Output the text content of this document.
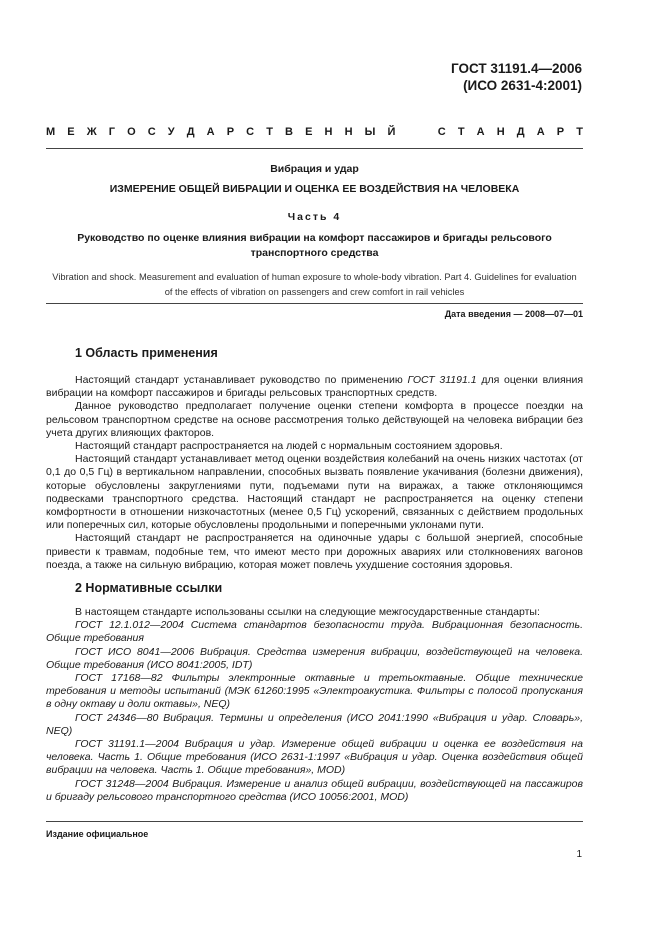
ГОСТ 31191.4—2006
(ИСО 2631-4:2001)
М Е Ж Г О С У Д А Р С Т В Е Н Н Ы Й

	С Т А Н Д А Р Т
Вибрация и удар
ИЗМЕРЕНИЕ ОБЩЕЙ ВИБРАЦИИ И ОЦЕНКА ЕЕ ВОЗДЕЙСТВИЯ НА ЧЕЛОВЕКА
Часть 4
Руководство по оценке влияния вибрации на комфорт пассажиров и бригады рельсового транспортного средства
Vibration and shock. Measurement and evaluation of human exposure to whole-body vibration. Part 4. Guidelines for evaluation of the effects of vibration on passengers and crew comfort in rail vehicles
Дата введения — 2008—07—01
1 Область применения

Настоящий стандарт устанавливает руководство по применению ГОСТ 31191.1 для оценки влияния вибрации на комфорт пассажиров и бригады рельсовых транспортных средств.

Данное руководство предполагает получение оценки степени комфорта в процессе поездки на рельсовом транспортном средстве на основе рассмотрения только действующей на человека вибрации без учета других влияющих факторов.

Настоящий стандарт распространяется на людей с нормальным состоянием здоровья.

Настоящий стандарт устанавливает метод оценки воздействия колебаний на очень низких частотах (от 0,1 до 0,5 Гц) в вертикальном направлении, способных вызвать появление укачивания (болезни движения), которые обусловлены закруглениями пути, подъемами пути на виражах, а также отклоняющимся подвесками транспортного средства. Настоящий стандарт не распространяется на оценку степени комфортности в отношении низкочастотных (менее 0,5 Гц) ускорений, связанных с действием продольных или поперечных сил, которые обусловлены продольными и поперечными уклонами пути.

Настоящий стандарт не распространяется на одиночные удары с большой энергией, способные привести к травмам, подобные тем, что имеют место при дорожных авариях или столкновениях вагонов поезда, а также на сильную вибрацию, которая может повлечь ухудшение состояния здоровья.

2 Нормативные ссылки

В настоящем стандарте использованы ссылки на следующие межгосударственные стандарты:

ГОСТ 12.1.012—2004 Система стандартов безопасности труда. Вибрационная безопасность. Общие требования

ГОСТ ИСО 8041—2006 Вибрация. Средства измерения вибрации, воздействующей на человека. Общие требования (ИСО 8041:2005, IDT)

ГОСТ 17168—82 Фильтры электронные октавные и третьоктавные. Общие технические требования и методы испытаний (МЭК 61260:1995 «Электроакустика. Фильтры с полосой пропускания в одну октаву и доли октавы», NEQ)

ГОСТ 24346—80 Вибрация. Термины и определения (ИСО 2041:1990 «Вибрация и удар. Словарь», NEQ)

ГОСТ 31191.1—2004 Вибрация и удар. Измерение общей вибрации и оценка ее воздействия на человека. Часть 1. Общие требования (ИСО 2631-1:1997 «Вибрация и удар. Оценка воздействия общей вибрации на человека. Часть 1. Общие требования», MOD)

ГОСТ 31248—2004 Вибрация. Измерение и анализ общей вибрации, воздействующей на пассажиров и бригаду рельсового транспортного средства (ИСО 10056:2001, MOD)

Издание официальное
1
